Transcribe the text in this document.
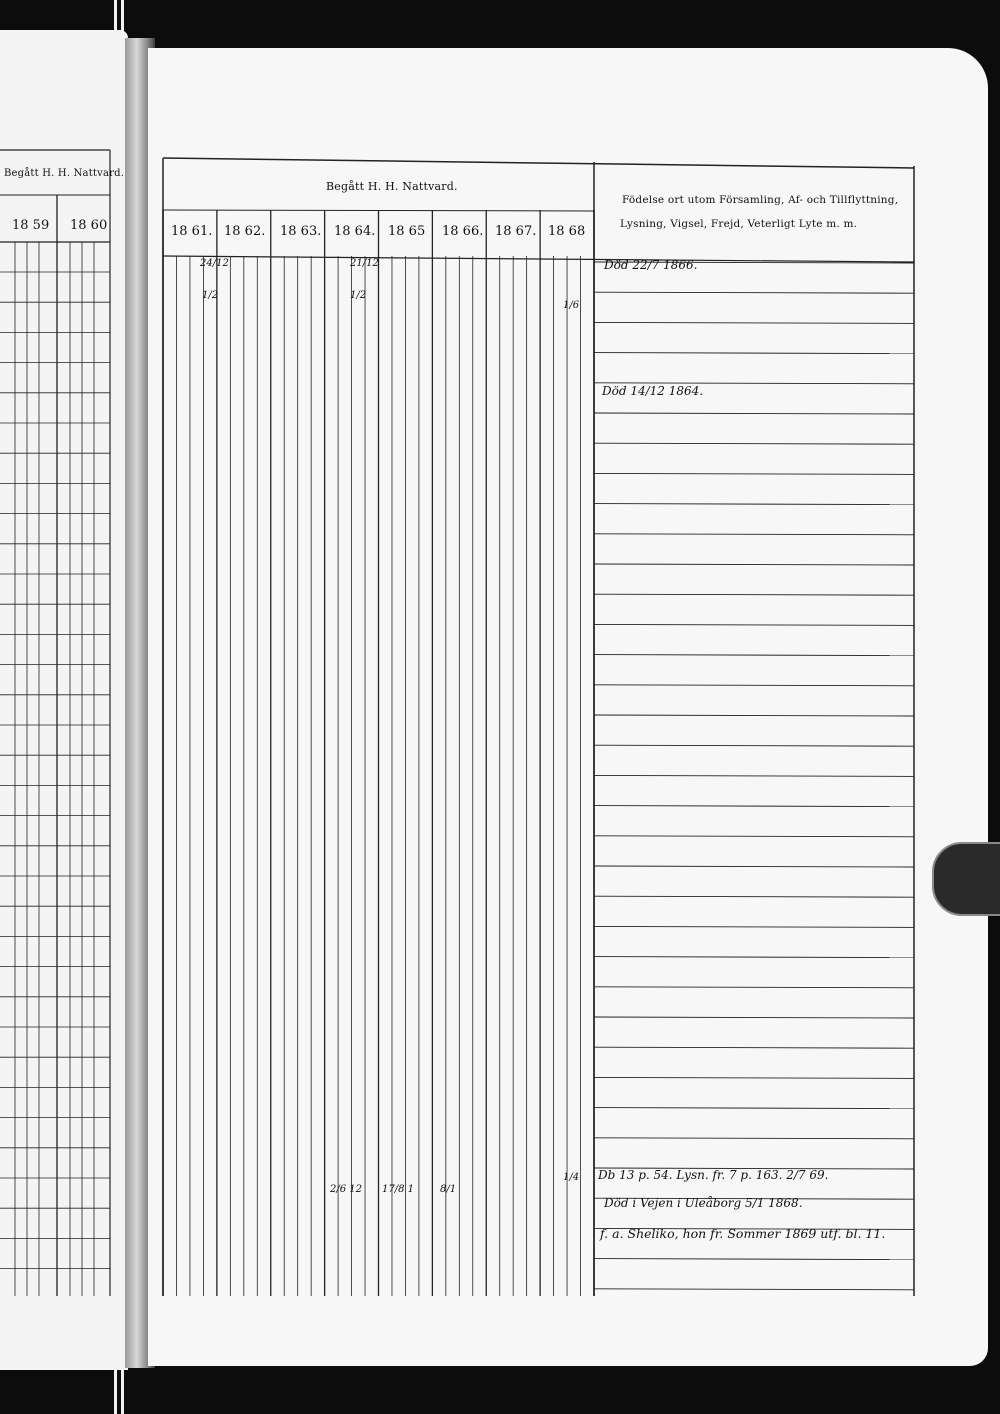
Begått H. H. Nattvard.
18 59 18 60
Begått H. H. Nattvard.
18 61. 18 62. 18 63. 18 64. 18 65 18 66. 18 67. 18 68
Födelse ort utom Församling, Af- och Tillflyttning,
Lysning, Vigsel, Frejd, Veterligt Lyte m. m.
Död 22/7 1866.
Död 14/12 1864.
Db 13 p. 54. Lysn. fr. 7 p. 163. 2/7 69.
Död i Vejen i Uleåborg 5/1 1868.
f. a. Sheliko, hon fr. Sommer 1869 utf. bl. 11.
24/12
1/2
21/12
1/2
1/6
2/6 12 17/8 1	8/1
1/4
